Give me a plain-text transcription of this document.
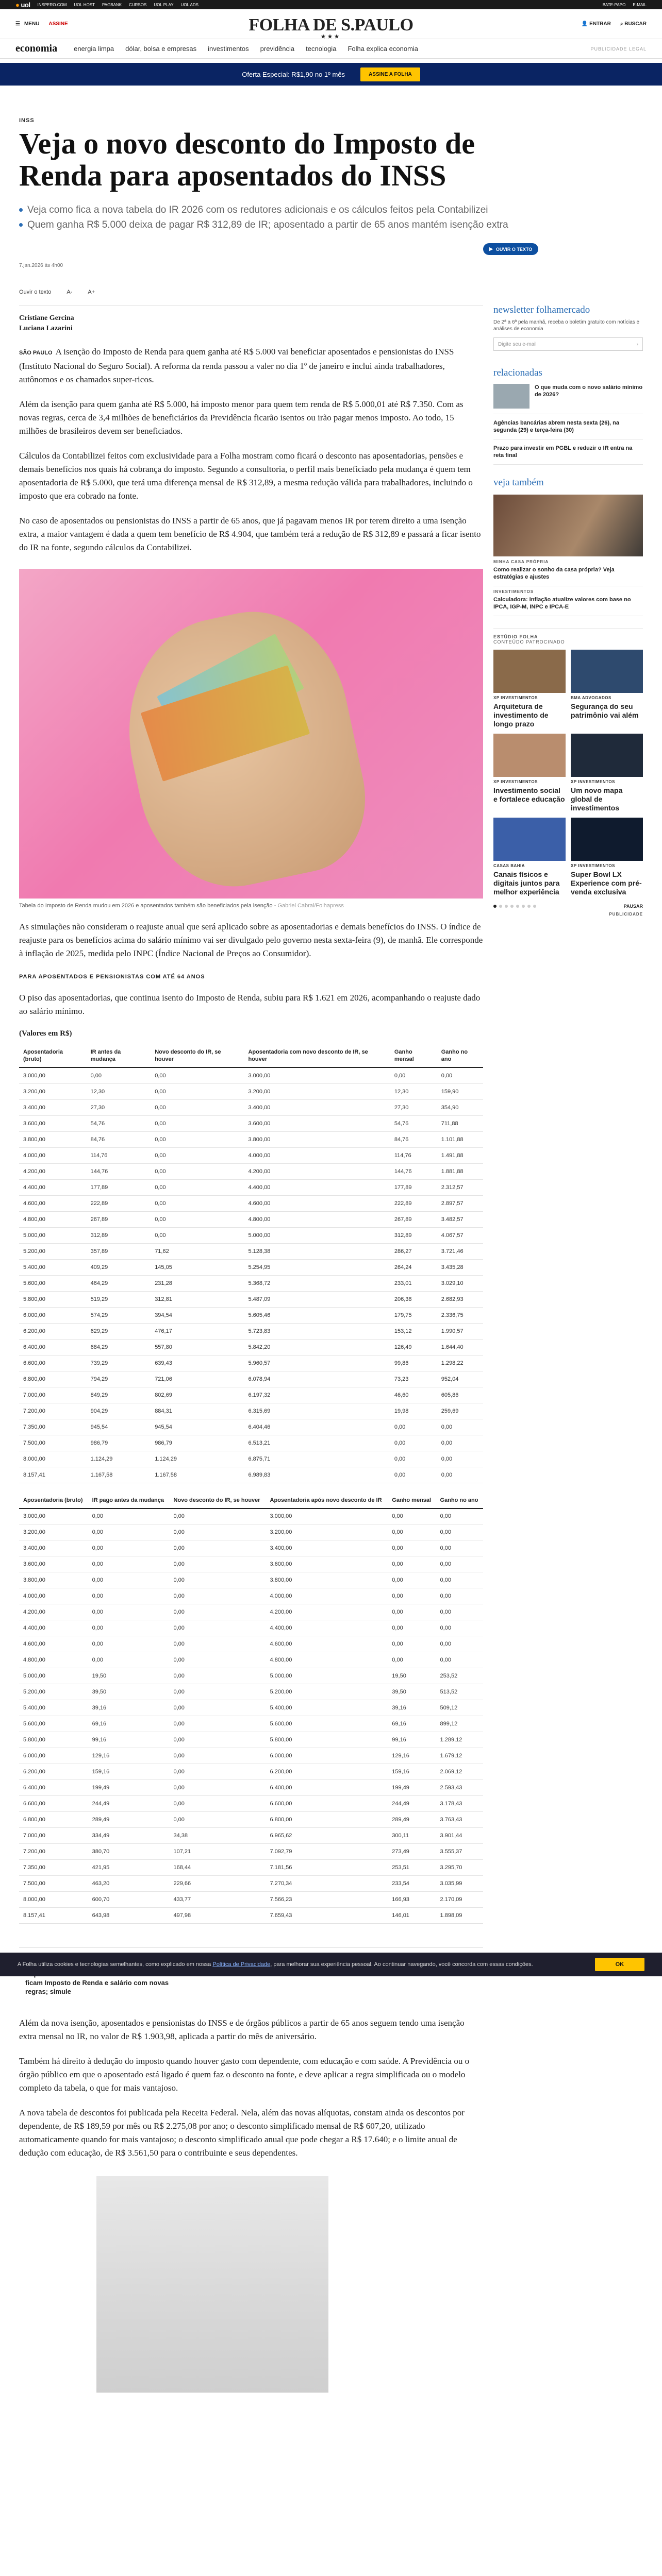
● uol INSPERO.COM UOL HOST PAGBANK CURSOS UOL PLAY UOL ADS	BATE-PAPO E-MAIL
☰ MENU ASSINE	FOLHA DE S.PAULO
★★★
👤 ENTRAR ⌕ BUSCAR
economia energia limpa dólar, bolsa e empresas investimentos previdência tecnologia Folha explica economia	PUBLICIDADE LEGAL
Oferta Especial: R$1,90 no 1º mês	ASSINE A FOLHA
INSS
Veja o novo desconto do Imposto de Renda para aposentados do INSS
Veja como fica a nova tabela do IR 2026 com os redutores adicionais e os cálculos feitos pela Contabilizei
Quem ganha R$ 5.000 deixa de pagar R$ 312,89 de IR; aposentado a partir de 65 anos mantém isenção extra
▶ OUVIR O TEXTO
7.jan.2026 às 4h00
Ouvir o texto	A-	A+
Cristiane Gercina
Luciana Lazarini

SÃO PAULO A isenção do Imposto de Renda para quem ganha até R$ 5.000 vai beneficiar aposentados e pensionistas do INSS (Instituto Nacional do Seguro Social). A reforma da renda passou a valer no dia 1º de janeiro e inclui ainda trabalhadores, autônomos e os chamados super-ricos.

Além da isenção para quem ganha até R$ 5.000, há imposto menor para quem tem renda de R$ 5.000,01 até R$ 7.350. Com as novas regras, cerca de 3,4 milhões de beneficiários da Previdência ficarão isentos ou irão pagar menos imposto. Ao todo, 15 milhões de brasileiros devem ser beneficiados.

Cálculos da Contabilizei feitos com exclusividade para a Folha mostram como ficará o desconto nas aposentadorias, pensões e demais benefícios nos quais há cobrança do imposto. Segundo a consultoria, o perfil mais beneficiado pela mudança é quem tem aposentadoria de R$ 5.000, que terá uma diferença mensal de R$ 312,89, a mesma redução válida para trabalhadores, incluindo o imposto que era cobrado na fonte.

No caso de aposentados ou pensionistas do INSS a partir de 65 anos, que já pagavam menos IR por terem direito a uma isenção extra, a maior vantagem é dada a quem tem benefício de R$ 4.904, que também terá a redução de R$ 312,89 e passará a ficar isento do IR na fonte, segundo cálculos da Contabilizei.

Tabela do Imposto de Renda mudou em 2026 e aposentados também são beneficiados pela isenção - Gabriel Cabral/Folhapress

As simulações não consideram o reajuste anual que será aplicado sobre as aposentadorias e demais benefícios do INSS. O índice de reajuste para os benefícios acima do salário mínimo vai ser divulgado pelo governo nesta sexta-feira (9), de manhã. Ele corresponde à inflação de 2025, medida pelo INPC (Índice Nacional de Preços ao Consumidor).

PARA APOSENTADOS E PENSIONISTAS COM ATÉ 64 ANOS

O piso das aposentadorias, que continua isento do Imposto de Renda, subiu para R$ 1.621 em 2026, acompanhando o reajuste dado ao salário mínimo.

(Valores em R$)
Aposentadoria (bruto)	IR antes da mudança	Novo desconto do IR, se houver	Aposentadoria com novo desconto de IR, se houver	Ganho mensal	Ganho no ano
3.000,00	0,00	0,00	3.000,00	0,00	0,00
3.200,00	12,30	0,00	3.200,00	12,30	159,90
3.400,00	27,30	0,00	3.400,00	27,30	354,90
3.600,00	54,76	0,00	3.600,00	54,76	711,88
3.800,00	84,76	0,00	3.800,00	84,76	1.101,88
4.000,00	114,76	0,00	4.000,00	114,76	1.491,88
4.200,00	144,76	0,00	4.200,00	144,76	1.881,88
4.400,00	177,89	0,00	4.400,00	177,89	2.312,57
4.600,00	222,89	0,00	4.600,00	222,89	2.897,57
4.800,00	267,89	0,00	4.800,00	267,89	3.482,57
5.000,00	312,89	0,00	5.000,00	312,89	4.067,57
5.200,00	357,89	71,62	5.128,38	286,27	3.721,46
5.400,00	409,29	145,05	5.254,95	264,24	3.435,28
5.600,00	464,29	231,28	5.368,72	233,01	3.029,10
5.800,00	519,29	312,81	5.487,09	206,38	2.682,93
6.000,00	574,29	394,54	5.605,46	179,75	2.336,75
6.200,00	629,29	476,17	5.723,83	153,12	1.990,57
6.400,00	684,29	557,80	5.842,20	126,49	1.644,40
6.600,00	739,29	639,43	5.960,57	99,86	1.298,22
6.800,00	794,29	721,06	6.078,94	73,23	952,04
7.000,00	849,29	802,69	6.197,32	46,60	605,86
7.200,00	904,29	884,31	6.315,69	19,98	259,69
7.350,00	945,54	945,54	6.404,46	0,00	0,00
7.500,00	986,79	986,79	6.513,21	0,00	0,00
8.000,00	1.124,29	1.124,29	6.875,71	0,00	0,00
8.157,41	1.167,58	1.167,58	6.989,83	0,00	0,00
Aposentadoria (bruto)	IR pago antes da mudança	Novo desconto do IR, se houver	Aposentadoria após novo desconto de IR	Ganho mensal	Ganho no ano
3.000,00	0,00	0,00	3.000,00	0,00	0,00
3.200,00	0,00	0,00	3.200,00	0,00	0,00
3.400,00	0,00	0,00	3.400,00	0,00	0,00
3.600,00	0,00	0,00	3.600,00	0,00	0,00
3.800,00	0,00	0,00	3.800,00	0,00	0,00
4.000,00	0,00	0,00	4.000,00	0,00	0,00
4.200,00	0,00	0,00	4.200,00	0,00	0,00
4.400,00	0,00	0,00	4.400,00	0,00	0,00
4.600,00	0,00	0,00	4.600,00	0,00	0,00
4.800,00	0,00	0,00	4.800,00	0,00	0,00
5.000,00	19,50	0,00	5.000,00	19,50	253,52
5.200,00	39,50	0,00	5.200,00	39,50	513,52
5.400,00	39,16	0,00	5.400,00	39,16	509,12
5.600,00	69,16	0,00	5.600,00	69,16	899,12
5.800,00	99,16	0,00	5.800,00	99,16	1.289,12
6.000,00	129,16	0,00	6.000,00	129,16	1.679,12
6.200,00	159,16	0,00	6.200,00	159,16	2.069,12
6.400,00	199,49	0,00	6.400,00	199,49	2.593,43
6.600,00	244,49	0,00	6.600,00	244,49	3.178,43
6.800,00	289,49	0,00	6.800,00	289,49	3.763,43
7.000,00	334,49	34,38	6.965,62	300,11	3.901,44
7.200,00	380,70	107,21	7.092,79	273,49	3.555,37
7.350,00	421,95	168,44	7.181,56	253,51	3.295,70
7.500,00	463,20	229,66	7.270,34	233,54	3.035,99
8.000,00	600,70	433,77	7.566,23	166,93	2.170,09
8.157,41	643,98	497,98	7.659,43	146,01	1.898,09
ficam Imposto de Renda e salário com novas regras; simule

Além da nova isenção, aposentados e pensionistas do INSS e de órgãos públicos a partir de 65 anos seguem tendo uma isenção extra mensal no IR, no valor de R$ 1.903,98, aplicada a partir do mês de aniversário.

Também há direito à dedução do imposto quando houver gasto com dependente, com educação e com saúde. A Previdência ou o órgão público em que o aposentado está ligado é quem faz o desconto na fonte, e deve aplicar a regra simplificada ou o modelo completo da tabela, o que for mais vantajoso.

A nova tabela de descontos foi publicada pela Receita Federal. Nela, além das novas alíquotas, constam ainda os descontos por dependente, de R$ 189,59 por mês ou R$ 2.275,08 por ano; o desconto simplificado mensal de R$ 607,20, utilizado automaticamente quando for mais vantajoso; o desconto simplificado anual que pode chegar a R$ 17.640; e o limite anual de dedução com educação, de R$ 3.561,50 para o contribuinte e seus dependentes.

newsletter folhamercado
De 2ª a 6ª pela manhã, receba o boletim gratuito com notícias e análises de economia
Digite seu e-mail	›
relacionadas
O que muda com o novo salário mínimo de 2026?
Agências bancárias abrem nesta sexta (26), na segunda (29) e terça-feira (30)
Prazo para investir em PGBL e reduzir o IR entra na reta final
veja também
MINHA CASA PRÓPRIA
Como realizar o sonho da casa própria? Veja estratégias e ajustes
INVESTIMENTOS
Calculadora: inflação atualize valores com base no IPCA, IGP-M, INPC e IPCA-E
ESTÚDIO FOLHA
CONTEÚDO PATROCINADO
XP INVESTIMENTOS
Arquitetura de investimento de longo prazo
BMA ADVOGADOS
Segurança do seu patrimônio vai além
XP INVESTIMENTOS
Investimento social e fortalece educação
XP INVESTIMENTOS
Um novo mapa global de investimentos
CASAS BAHIA
Canais físicos e digitais juntos para melhor experiência
XP INVESTIMENTOS
Super Bowl LX Experience com pré-venda exclusiva
PAUSAR
PUBLICIDADE
A Folha utiliza cookies e tecnologias semelhantes, como explicado em nossa Política de Privacidade, para melhorar sua experiência pessoal. Ao continuar navegando, você concorda com essas condições.	OK
